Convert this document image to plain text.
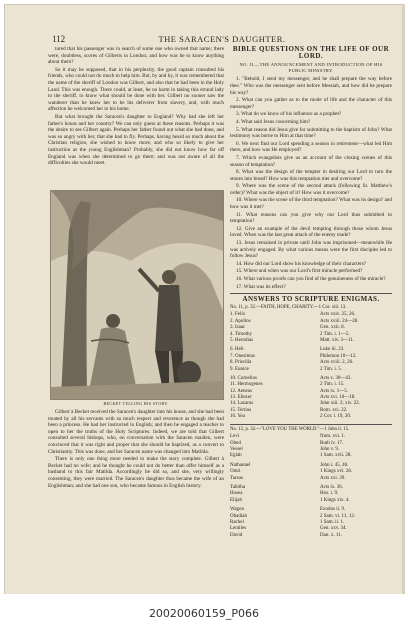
112	THE SARACEN'S DAUGHTER.

tured that his passenger was in search of some one who owned that name; there were, doubtless, scores of Gilberts in London; and how was he to know anything about them?

So it may be supposed, that in his perplexity, the good captain consulted his friends, who could not do much to help him. But, by and by, it was remembered that the name of the sheriff of London was Gilbert, and also that he had been in the Holy Land. This was enough. There could, at least, be no harm in taking this errand lady to the sheriff, to know what should be done with her. Gilbert no sooner saw the wanderer than he knew her to be his deliverer from slavery, and, with much affection he welcomed her to his home.

But what brought the Saracen's daughter to England? Why had she left her father's house and her country? We can only guess at these reasons. Perhaps it was the desire to see Gilbert again. Perhaps her father found out what she had done, and was so angry with her, that she had to fly. Perhaps, having heard so much about the Christian religion, she wished to know more; and who so likely to give her instruction as the young Englishman? Probably, she did not know how far off England was when she determined to go there; and was not aware of all the difficulties she would meet.

BECKET TELLING HIS STORY.

Gilbert à Becket received the Saracen's daughter into his house, and she had been treated by all his servants with so much respect and reverence as though she had been a princess. He had her instructed in English; and then he engaged a teacher to open to her the truths of the Holy Scriptures. Indeed, we are told that Gilbert consulted several bishops, who, on conversation with the Saracen maiden, were convinced that it was right and proper that she should be baptized, as a convert to Christianity. This was done, and her Saracen name was changed into Matilda.

There is only one thing more needed to make the story complete. Gilbert à Becket had no wife; and he thought he could not do better than offer himself as a husband to this fair Matilda. Accordingly he did so, and she, very willingly consenting, they were married. The Saracen's daughter thus became the wife of an Englishman; and she had one son, who became famous in English history.

BIBLE QUESTIONS ON THE LIFE OF OUR LORD.
NO. II.—THE ANNOUNCEMENT AND INTRODUCTION OF HIS PUBLIC MINISTRY.

1. "Behold, I send my messenger, and he shall prepare the way before thee." Who was the messenger sent before Messiah, and how did he prepare his way?

2. What can you gather as to the mode of life and the character of this messenger?

3. What do we know of his influence as a prophet?

4. What said Jesus concerning him?

5. What reason did Jesus give for submitting to the baptism of John? What testimony was borne to Him at that time?

6. We next find our Lord spending a season in retirement—what led Him there, and how was He employed?

7. Which evangelists give us an account of the closing scenes of this season of temptation?

8. What was the design of the tempter in desiring our Lord to turn the stones into bread? How was this temptation met and overcome?

9. Where was the scene of the second attack (following St. Matthew's order)? What was the object of it? How was it overcome?

10. Where was the scene of the third temptation? What was its design? and how was it met?

11. What reasons can you give why our Lord thus submitted to temptation?

12. Give an example of the devil tempting through those whom Jesus loved. When was the last great attack of the enemy made?

13. Jesus remained in private until John was imprisoned—meanwhile He was actively engaged. By what various means were the first disciples led to follow Jesus?

14. How did our Lord show his knowledge of their characters?

15. Where and when was our Lord's first miracle performed?

16. What various proofs can you find of the genuineness of the miracle?

17. What was its effect?

ANSWERS TO SCRIPTURE ENIGMAS.
No. 11, p. 32.—FAITH, HOPE, CHARITY.—1 Cor. xiii. 13.
1. Felix	Acts xxiv. 25, 26.
2. Apollos	Acts xviii. 24—28.
3. Isaac	Gen. xxii. 8.
4. Timothy	2 Tim. i. 1—5.
5. Herodias	Matt. xiv. 3—11.
6. Heli	Luke iii. 23.
7. Onesimus	Philemon 10—12.
8. Priscilla	Acts xviii. 2, 26.
9. Eunice	2 Tim. i. 5.
10. Cornelius	Acts x. 30—43.
11. Hermogenes	2 Tim. i. 15.
12. Aeneas	Acts ix. 1—5.
13. Eliezer	Acts xvi. 10—18.
14. Lazarus	John xiii. 2; xiv. 22.
15. Tertius	Rom. xvi. 22.
16. Yea	2 Cor. i. 19, 20.
No. 12, p. 32.—"LOVE YOU THE WORLD."—1 John ii. 15.
Levi	Num. xvi. 1.
Obed	Ruth iv. 17.
Vessel	John v. 9.
Eglah	1 Sam. xvii. 28.
Nathanael	John i. 45, 46.
Omri	1 Kings xvi. 28.
Tarsus	Acts xxi. 39.
Tabitha	Acts ix. 36.
Hosea	Hos. i. 9.
Elijah	1 Kings xix. 4.
Wagon	Exodus ii. 9.
Obadiah	2 Sam. vi. 11, 12.
Rachel	1 Sam. ii. 1.
Lentiles	Gen. xxv. 34.
David	Dan. x. 11.
20020060159_P066
